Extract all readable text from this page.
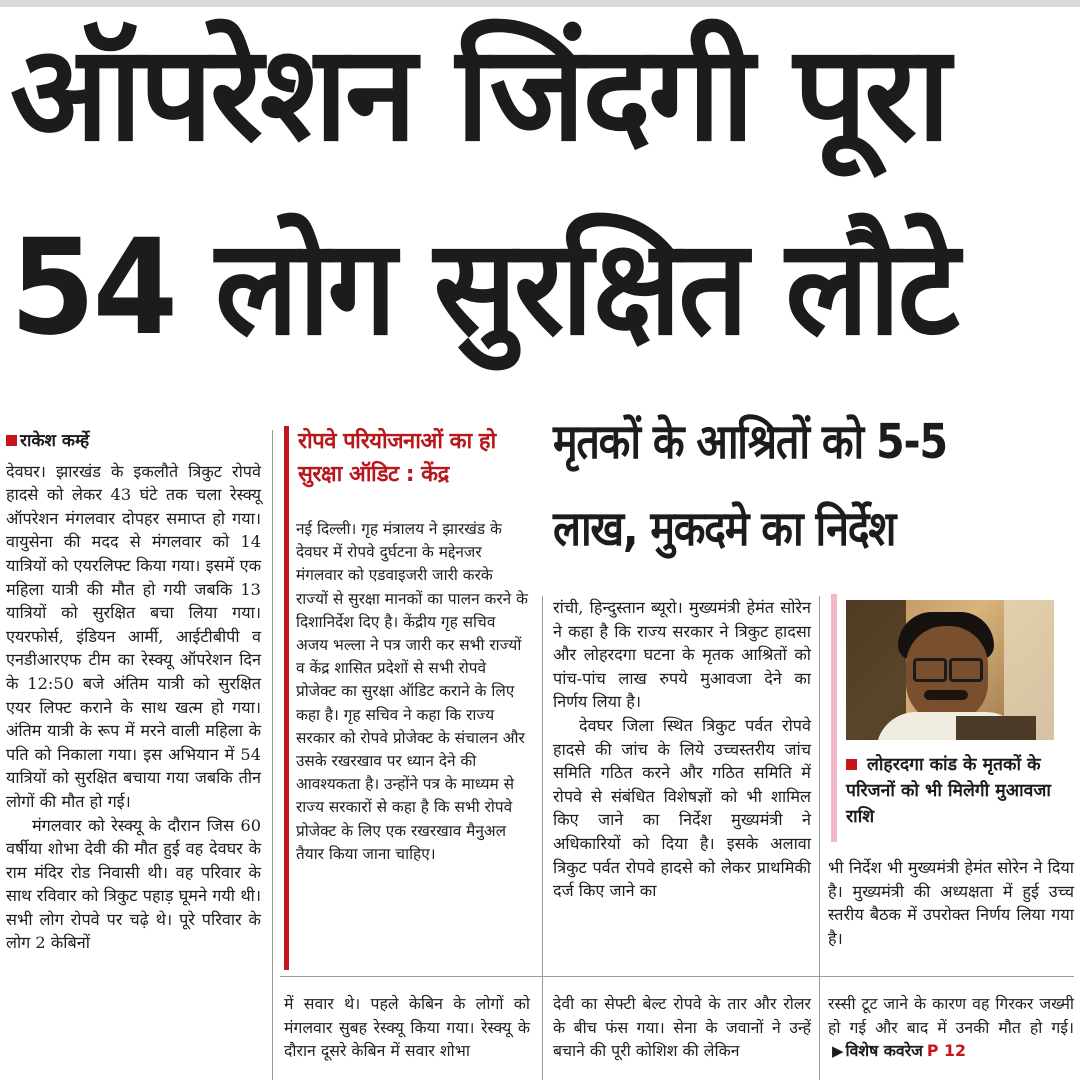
ऑपरेशन जिंदगी पूरा
54 लोग सुरक्षित लौटे
राकेश कर्म्हे

देवघर। झारखंड के इकलौते त्रिकुट रोपवे हादसे को लेकर 43 घंटे तक चला रेस्क्यू ऑपरेशन मंगलवार दोपहर समाप्त हो गया। वायुसेना की मदद से मंगलवार को 14 यात्रियों को एयरलिफ्ट किया गया। इसमें एक महिला यात्री की मौत हो गयी जबकि 13 यात्रियों को सुरक्षित बचा लिया गया। एयरफोर्स, इंडियन आर्मी, आईटीबीपी व एनडीआरएफ टीम का रेस्क्यू ऑपरेशन दिन के 12:50 बजे अंतिम यात्री को सुरक्षित एयर लिफ्ट कराने के साथ खत्म हो गया। अंतिम यात्री के रूप में मरने वाली महिला के पति को निकाला गया। इस अभियान में 54 यात्रियों को सुरक्षित बचाया गया जबकि तीन लोगों की मौत हो गई।

मंगलवार को रेस्क्यू के दौरान जिस 60 वर्षीया शोभा देवी की मौत हुई वह देवघर के राम मंदिर रोड निवासी थी। वह परिवार के साथ रविवार को त्रिकुट पहाड़ घूमने गयी थी। सभी लोग रोपवे पर चढ़े थे। पूरे परिवार के लोग 2 केबिनों

रोपवे परियोजनाओं का हो सुरक्षा ऑडिट : केंद्र

नई दिल्ली। गृह मंत्रालय ने झारखंड के देवघर में रोपवे दुर्घटना के मद्देनजर मंगलवार को एडवाइजरी जारी करके राज्यों से सुरक्षा मानकों का पालन करने के दिशानिर्देश दिए है। केंद्रीय गृह सचिव अजय भल्ला ने पत्र जारी कर सभी राज्यों व केंद्र शासित प्रदेशों से सभी रोपवे प्रोजेक्ट का सुरक्षा ऑडिट कराने के लिए कहा है। गृह सचिव ने कहा कि राज्य सरकार को रोपवे प्रोजेक्ट के संचालन और उसके रखरखाव पर ध्यान देने की आवश्यकता है। उन्होंने पत्र के माध्यम से राज्य सरकारों से कहा है कि सभी रोपवे प्रोजेक्ट के लिए एक रखरखाव मैनुअल तैयार किया जाना चाहिए।

मृतकों के आश्रितों को 5-5
लाख, मुकदमे का निर्देश

रांची, हिन्दुस्तान ब्यूरो। मुख्यमंत्री हेमंत सोरेन ने कहा है कि राज्य सरकार ने त्रिकुट हादसा और लोहरदगा घटना के मृतक आश्रितों को पांच-पांच लाख रुपये मुआवजा देने का निर्णय लिया है।

देवघर जिला स्थित त्रिकुट पर्वत रोपवे हादसे की जांच के लिये उच्चस्तरीय जांच समिति गठित करने और गठित समिति में रोपवे से संबंधित विशेषज्ञों को भी शामिल किए जाने का निर्देश मुख्यमंत्री ने अधिकारियों को दिया है। इसके अलावा त्रिकुट पर्वत रोपवे हादसे को लेकर प्राथमिकी दर्ज किए जाने का

लोहरदगा कांड के मृतकों के परिजनों को भी मिलेगी मुआवजा राशि

भी निर्देश भी मुख्यमंत्री हेमंत सोरेन ने दिया है। मुख्यमंत्री की अध्यक्षता में हुई उच्च स्तरीय बैठक में उपरोक्त निर्णय लिया गया है।

में सवार थे। पहले केबिन के लोगों को मंगलवार सुबह रेस्क्यू किया गया। रेस्क्यू के दौरान दूसरे केबिन में सवार शोभा
देवी का सेफ्टी बेल्ट रोपवे के तार और रोलर के बीच फंस गया। सेना के जवानों ने उन्हें बचाने की पूरी कोशिश की लेकिन
रस्सी टूट जाने के कारण वह गिरकर जख्मी हो गई और बाद में उनकी मौत हो गई। ▶ विशेष कवरेज P 12
